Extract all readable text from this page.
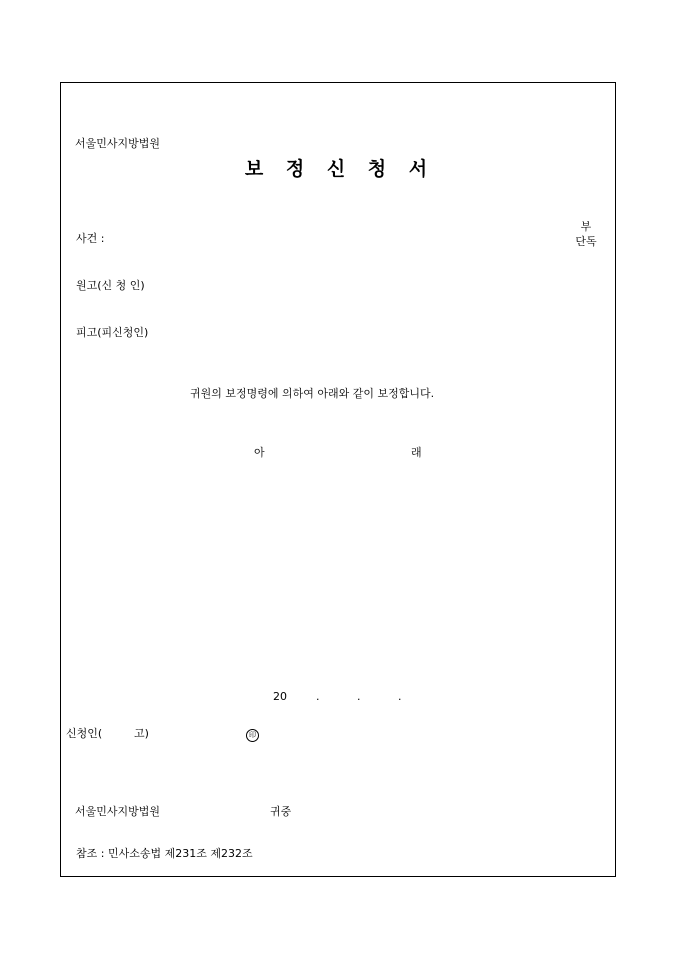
서울민사지방법원
보 정 신 청 서
부
단독
사건 :
원고(신 청 인)
피고(피신청인)
귀원의 보정명령에 의하여 아래와 같이 보정합니다.
아	래
20	.	.	.
신청인(	고)	印
서울민사지방법원	귀중
참조 : 민사소송법 제231조 제232조
